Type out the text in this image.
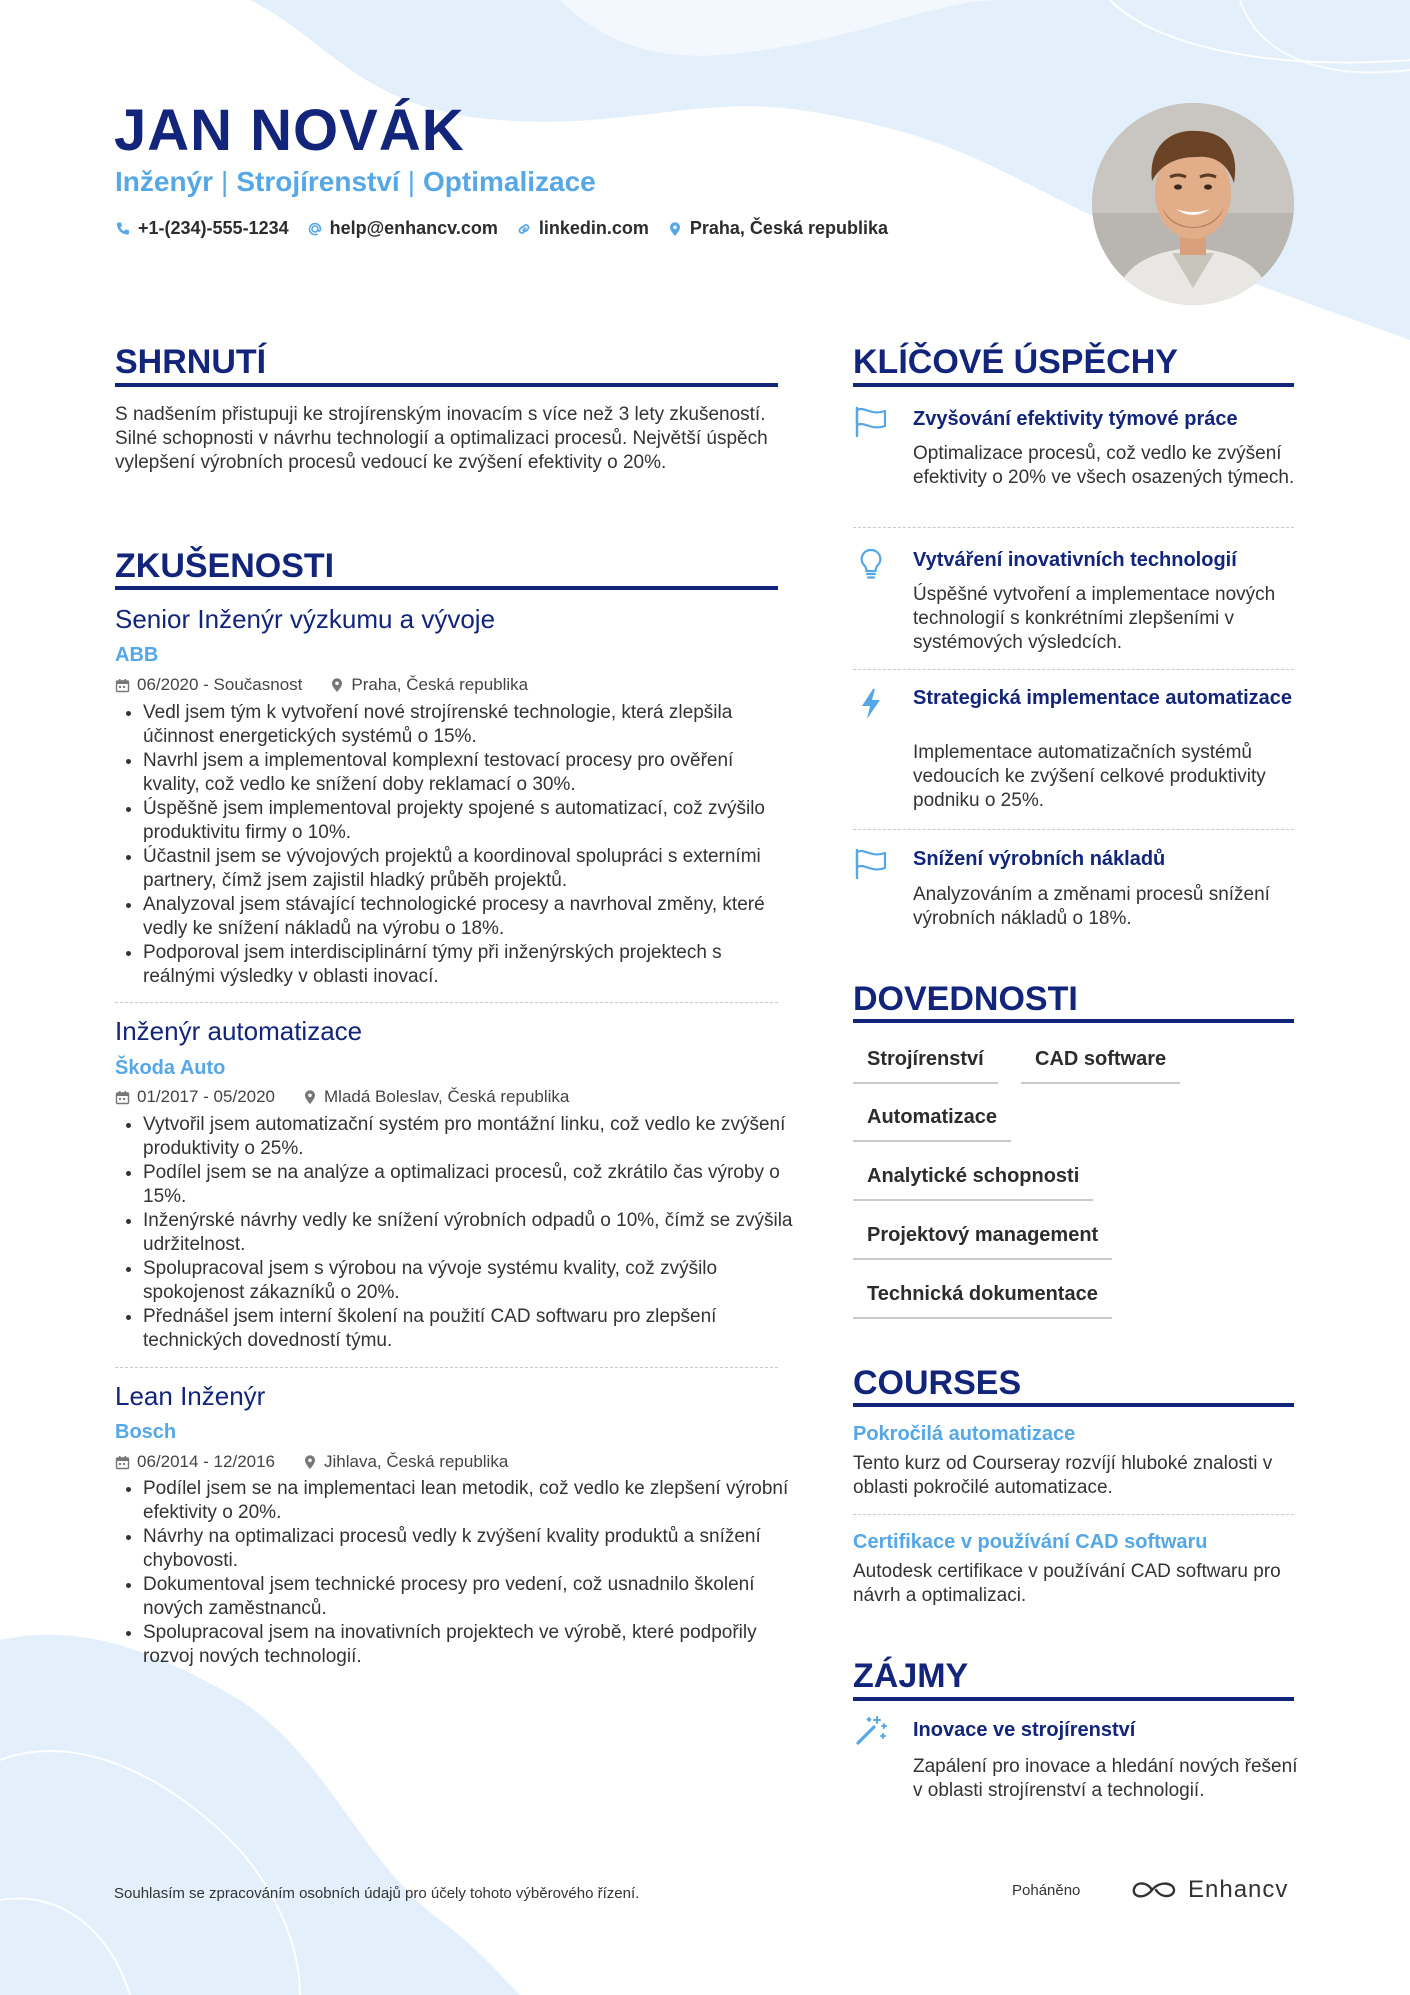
JAN NOVÁK
Inženýr | Strojírenství | Optimalizace
+1-(234)-555-1234 help@enhancv.com linkedin.com Praha, Česká republika
SHRNUTÍ
S nadšením přistupuji ke strojírenským inovacím s více než 3 lety zkušeností. Silné schopnosti v návrhu technologií a optimalizaci procesů. Největší úspěch vylepšení výrobních procesů vedoucí ke zvýšení efektivity o 20%.
ZKUŠENOSTI
Senior Inženýr výzkumu a vývoje
ABB
06/2020 - Současnost	Praha, Česká republika
• Vedl jsem tým k vytvoření nové strojírenské technologie, která zlepšila účinnost energetických systémů o 15%.
• Navrhl jsem a implementoval komplexní testovací procesy pro ověření kvality, což vedlo ke snížení doby reklamací o 30%.
• Úspěšně jsem implementoval projekty spojené s automatizací, což zvýšilo produktivitu firmy o 10%.
• Účastnil jsem se vývojových projektů a koordinoval spolupráci s externími partnery, čímž jsem zajistil hladký průběh projektů.
• Analyzoval jsem stávající technologické procesy a navrhoval změny, které vedly ke snížení nákladů na výrobu o 18%.
• Podporoval jsem interdisciplinární týmy při inženýrských projektech s reálnými výsledky v oblasti inovací.
Inženýr automatizace
Škoda Auto
01/2017 - 05/2020	Mladá Boleslav, Česká republika
• Vytvořil jsem automatizační systém pro montážní linku, což vedlo ke zvýšení produktivity o 25%.
• Podílel jsem se na analýze a optimalizaci procesů, což zkrátilo čas výroby o 15%.
• Inženýrské návrhy vedly ke snížení výrobních odpadů o 10%, čímž se zvýšila udržitelnost.
• Spolupracoval jsem s výrobou na vývoje systému kvality, což zvýšilo spokojenost zákazníků o 20%.
• Přednášel jsem interní školení na použití CAD softwaru pro zlepšení technických dovedností týmu.
Lean Inženýr
Bosch
06/2014 - 12/2016	Jihlava, Česká republika
• Podílel jsem se na implementaci lean metodik, což vedlo ke zlepšení výrobní efektivity o 20%.
• Návrhy na optimalizaci procesů vedly k zvýšení kvality produktů a snížení chybovosti.
• Dokumentoval jsem technické procesy pro vedení, což usnadnilo školení nových zaměstnanců.
• Spolupracoval jsem na inovativních projektech ve výrobě, které podpořily rozvoj nových technologií.
KLÍČOVÉ ÚSPĚCHY
Zvyšování efektivity týmové práce
Optimalizace procesů, což vedlo ke zvýšení efektivity o 20% ve všech osazených týmech.
Vytváření inovativních technologií
Úspěšné vytvoření a implementace nových technologií s konkrétními zlepšeními v systémových výsledcích.
Strategická implementace automatizace
Implementace automatizačních systémů vedoucích ke zvýšení celkové produktivity podniku o 25%.
Snížení výrobních nákladů
Analyzováním a změnami procesů snížení výrobních nákladů o 18%.
DOVEDNOSTI
Strojírenství	CAD software
Automatizace
Analytické schopnosti
Projektový management
Technická dokumentace
COURSES
Pokročilá automatizace
Tento kurz od Courseray rozvíjí hluboké znalosti v oblasti pokročilé automatizace.
Certifikace v používání CAD softwaru
Autodesk certifikace v používání CAD softwaru pro návrh a optimalizaci.
ZÁJMY
Inovace ve strojírenství
Zapálení pro inovace a hledání nových řešení v oblasti strojírenství a technologií.
Souhlasím se zpracováním osobních údajů pro účely tohoto výběrového řízení.	Poháněno	Enhancv
